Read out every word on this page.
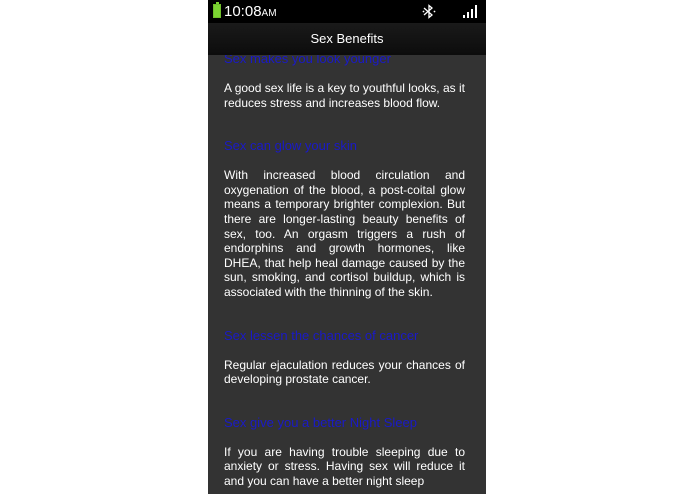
10:08AM
Sex Benefits
Sex makes you look younger
A good sex life is a key to youthful looks, as it reduces stress and increases blood flow.
Sex can glow your skin
With increased blood circulation and oxygenation of the blood, a post-coital glow means a temporary brighter complexion. But there are longer-lasting beauty benefits of sex, too. An orgasm triggers a rush of endorphins and growth hormones, like DHEA, that help heal damage caused by the sun, smoking, and cortisol buildup, which is associated with the thinning of the skin.
Sex lessen the chances of cancer
Regular ejaculation reduces your chances of developing prostate cancer.
Sex give you a better Night Sleep
If you are having trouble sleeping due to anxiety or stress. Having sex will reduce it and you can have a better night sleep
